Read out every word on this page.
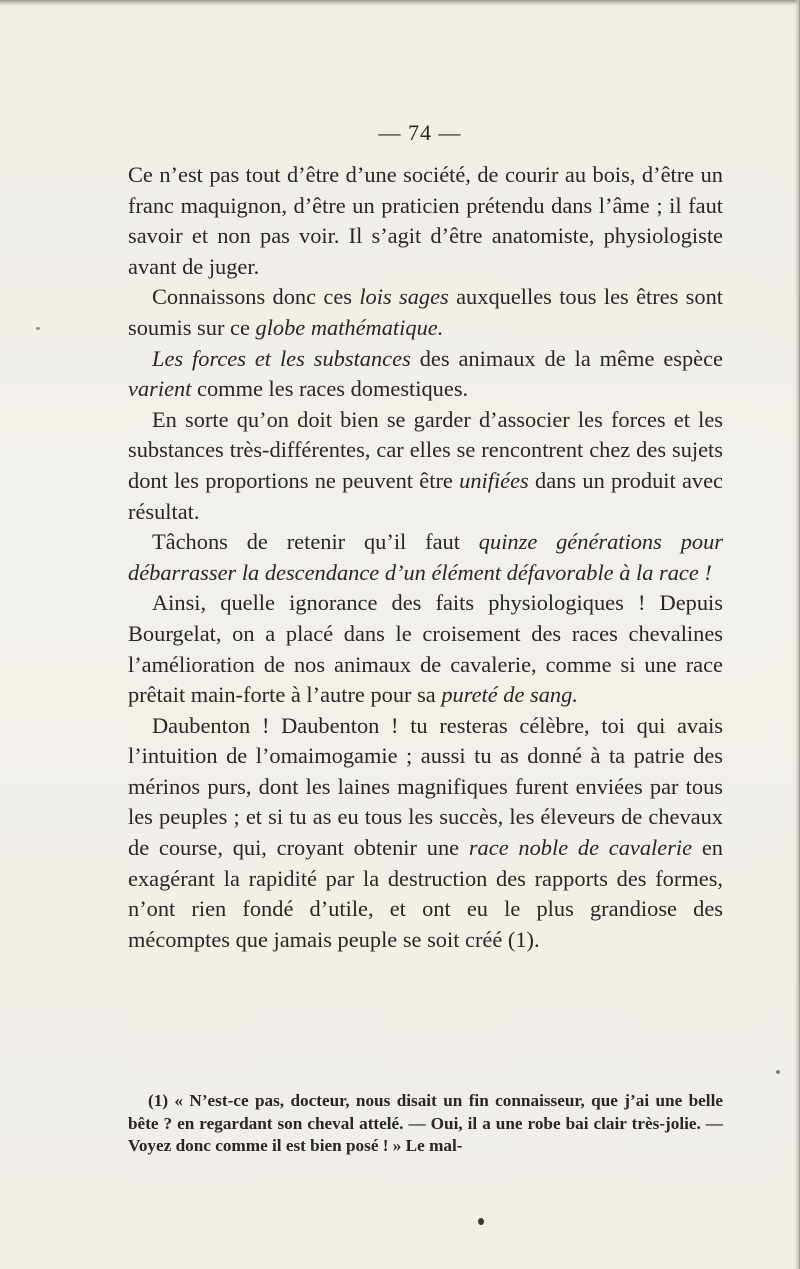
— 74 —

Ce n’est pas tout d’être d’une société, de courir au bois, d’être un franc maquignon, d’être un praticien prétendu dans l’âme ; il faut savoir et non pas voir. Il s’agit d’être anatomiste, physiologiste avant de juger.

Connaissons donc ces lois sages auxquelles tous les êtres sont soumis sur ce globe mathématique.

Les forces et les substances des animaux de la même espèce varient comme les races domestiques.

En sorte qu’on doit bien se garder d’associer les forces et les substances très-différentes, car elles se rencontrent chez des sujets dont les proportions ne peuvent être unifiées dans un produit avec résultat.

Tâchons de retenir qu’il faut quinze générations pour débarrasser la descendance d’un élément défavorable à la race !

Ainsi, quelle ignorance des faits physiologiques ! Depuis Bourgelat, on a placé dans le croisement des races chevalines l’amélioration de nos animaux de cavalerie, comme si une race prêtait main-forte à l’autre pour sa pureté de sang.

Daubenton ! Daubenton ! tu resteras célèbre, toi qui avais l’intuition de l’omaimogamie ; aussi tu as donné à ta patrie des mérinos purs, dont les laines magnifiques furent enviées par tous les peuples ; et si tu as eu tous les succès, les éleveurs de chevaux de course, qui, croyant obtenir une race noble de cavalerie en exagérant la rapidité par la destruction des rapports des formes, n’ont rien fondé d’utile, et ont eu le plus grandiose des mécomptes que jamais peuple se soit créé (1).

(1) « N’est-ce pas, docteur, nous disait un fin connaisseur, que j’ai une belle bête ? en regardant son cheval attelé. — Oui, il a une robe bai clair très-jolie. — Voyez donc comme il est bien posé ! » Le mal-
